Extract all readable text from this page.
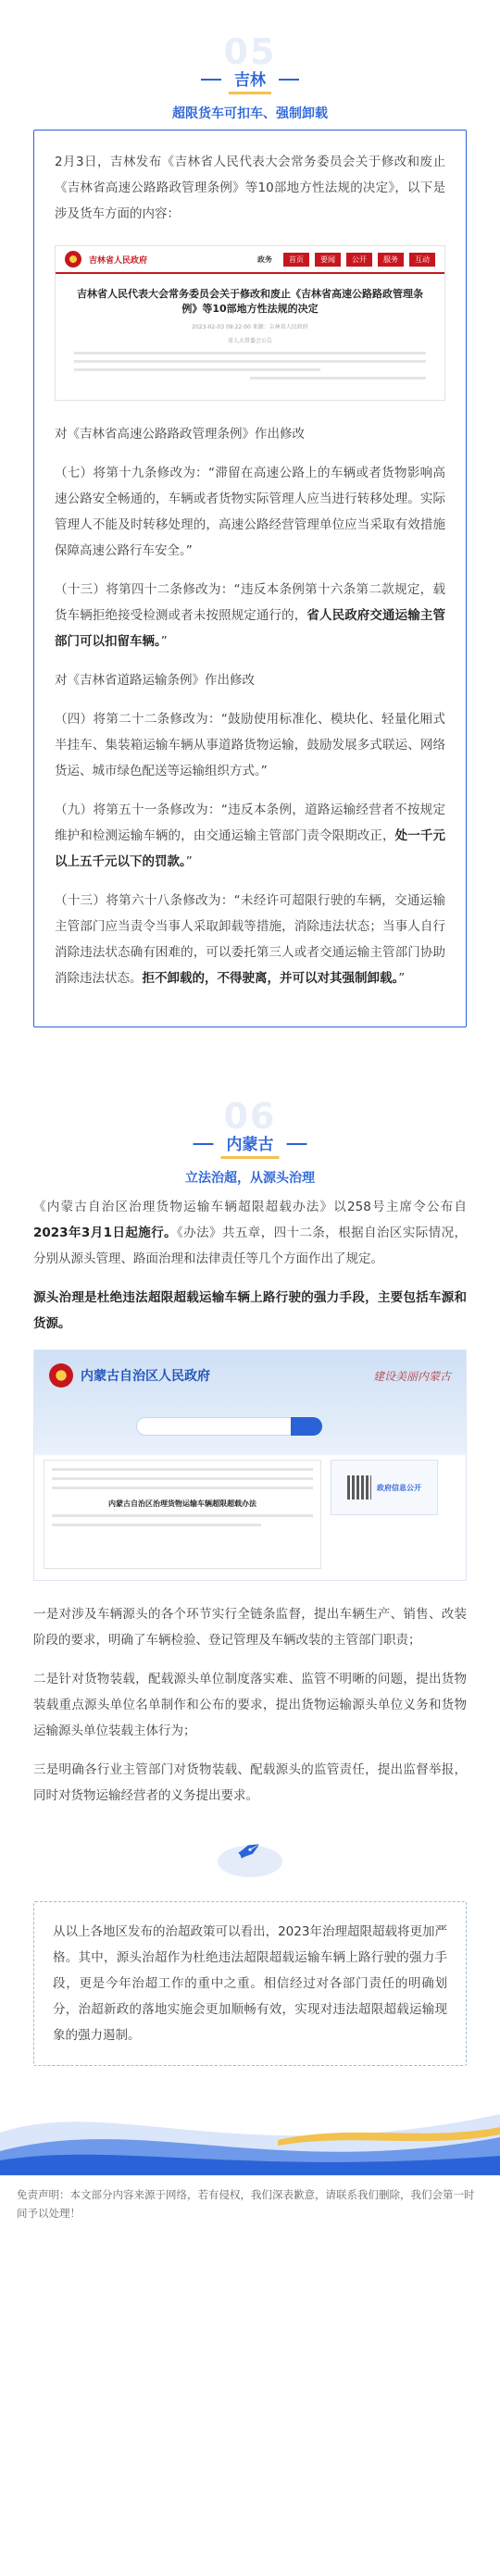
05
吉林
超限货车可扣车、强制卸载

2月3日，吉林发布《吉林省人民代表大会常务委员会关于修改和废止《吉林省高速公路路政管理条例》等10部地方性法规的决定》，以下是涉及货车方面的内容：

吉林省人民政府	政务	首页	要闻	公开	服务	互动
吉林省人民代表大会常务委员会关于修改和废止《吉林省高速公路路政管理条例》等10部地方性法规的决定
2023-02-03 09:22:00 来源：吉林省人民政府
省人大常委会公告

对《吉林省高速公路路政管理条例》作出修改

（七）将第十九条修改为：“滞留在高速公路上的车辆或者货物影响高速公路安全畅通的，车辆或者货物实际管理人应当进行转移处理。实际管理人不能及时转移处理的，高速公路经营管理单位应当采取有效措施保障高速公路行车安全。”

（十三）将第四十二条修改为：“违反本条例第十六条第二款规定，载货车辆拒绝接受检测或者未按照规定通行的，省人民政府交通运输主管部门可以扣留车辆。”

对《吉林省道路运输条例》作出修改

（四）将第二十二条修改为：“鼓励使用标准化、模块化、轻量化厢式半挂车、集装箱运输车辆从事道路货物运输，鼓励发展多式联运、网络货运、城市绿色配送等运输组织方式。”

（九）将第五十一条修改为：“违反本条例，道路运输经营者不按规定维护和检测运输车辆的，由交通运输主管部门责令限期改正，处一千元以上五千元以下的罚款。”

（十三）将第六十八条修改为：“未经许可超限行驶的车辆，交通运输主管部门应当责令当事人采取卸载等措施，消除违法状态；当事人自行消除违法状态确有困难的，可以委托第三人或者交通运输主管部门协助消除违法状态。拒不卸载的，不得驶离，并可以对其强制卸载。”

06
内蒙古
立法治超，从源头治理

《内蒙古自治区治理货物运输车辆超限超载办法》以258号主席令公布自2023年3月1日起施行。《办法》共五章，四十二条，根据自治区实际情况，分别从源头管理、路面治理和法律责任等几个方面作出了规定。

源头治理是杜绝违法超限超载运输车辆上路行驶的强力手段，主要包括车源和货源。

内蒙古自治区人民政府	建设美丽内蒙古
内蒙古自治区治理货物运输车辆超限超载办法
政府信息公开

一是对涉及车辆源头的各个环节实行全链条监督，提出车辆生产、销售、改装阶段的要求，明确了车辆检验、登记管理及车辆改装的主管部门职责；

二是针对货物装载，配载源头单位制度落实难、监管不明晰的问题，提出货物装载重点源头单位名单制作和公布的要求，提出货物运输源头单位义务和货物运输源头单位装载主体行为；

三是明确各行业主管部门对货物装载、配载源头的监管责任，提出监督举报，同时对货物运输经营者的义务提出要求。

✒

从以上各地区发布的治超政策可以看出，2023年治理超限超载将更加严格。其中，源头治超作为杜绝违法超限超载运输车辆上路行驶的强力手段，更是今年治超工作的重中之重。相信经过对各部门责任的明确划分，治超新政的落地实施会更加顺畅有效，实现对违法超限超载运输现象的强力遏制。

免责声明：本文部分内容来源于网络，若有侵权，我们深表歉意，请联系我们删除，我们会第一时间予以处理！
